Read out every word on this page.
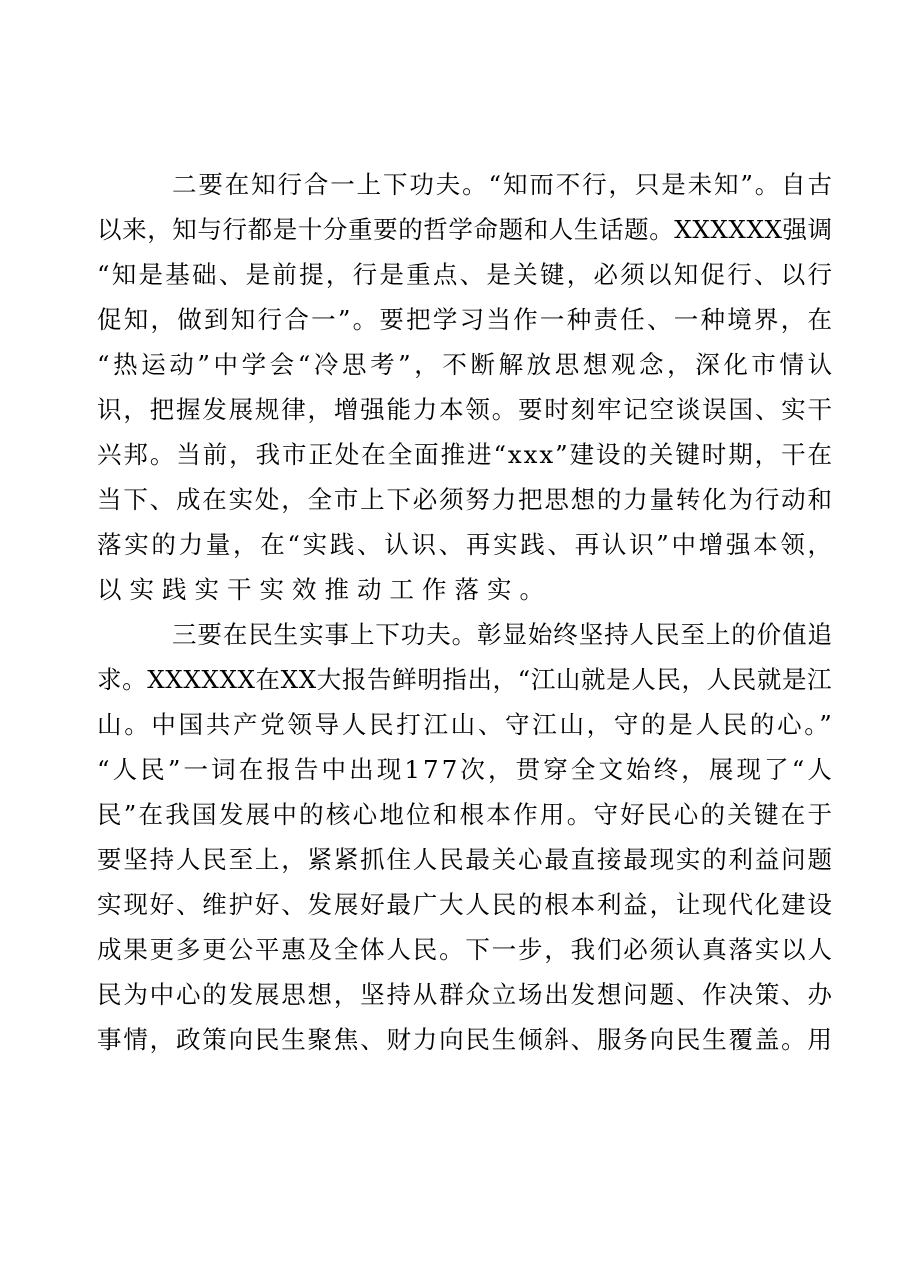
二要在知行合一上下功夫。“知而不行，只是未知”。自古

以来，知与行都是十分重要的哲学命题和人生话题。XXXXXX强调

“知是基础、是前提，行是重点、是关键，必须以知促行、以行

促知，做到知行合一”。要把学习当作一种责任、一种境界，在

“热运动”中学会“冷思考”，不断解放思想观念，深化市情认

识，把握发展规律，增强能力本领。要时刻牢记空谈误国、实干

兴邦。当前，我市正处在全面推进“xxx”建设的关键时期，干在

当下、成在实处，全市上下必须努力把思想的力量转化为行动和

落实的力量，在“实践、认识、再实践、再认识”中增强本领，

以实践实干实效推动工作落实。

三要在民生实事上下功夫。彰显始终坚持人民至上的价值追

求。XXXXXX在XX大报告鲜明指出，“江山就是人民，人民就是江

山。中国共产党领导人民打江山、守江山，守的是人民的心。”

“人民”一词在报告中出现177次，贯穿全文始终，展现了“人

民”在我国发展中的核心地位和根本作用。守好民心的关键在于

要坚持人民至上，紧紧抓住人民最关心最直接最现实的利益问题

实现好、维护好、发展好最广大人民的根本利益，让现代化建设

成果更多更公平惠及全体人民。下一步，我们必须认真落实以人

民为中心的发展思想，坚持从群众立场出发想问题、作决策、办

事情，政策向民生聚焦、财力向民生倾斜、服务向民生覆盖。用
